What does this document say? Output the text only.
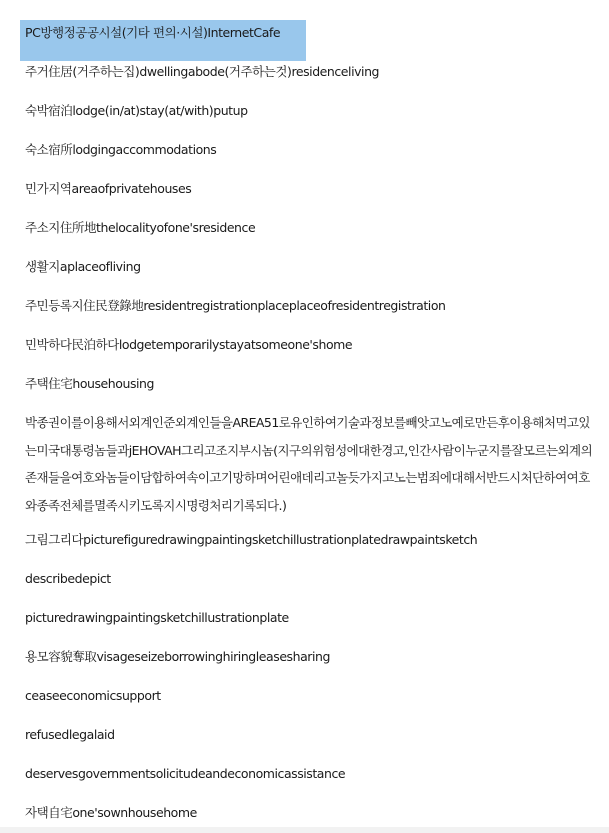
PC방행정공공시설(기타 편의·시설)InternetCafe
주거住居(거주하는집)dwellingabode(거주하는것)residenceliving
숙박宿泊lodge(in/at)stay(at/with)putup
숙소宿所lodgingaccommodations
민가지역areaofprivatehouses
주소지住所地thelocalityofone'sresidence
생활지aplaceofliving
주민등록지住民登錄地residentregistrationplaceplaceofresidentregistration
민박하다民泊하다lodgetemporarilystayatsomeone'shome
주택住宅househousing
박종권이를이용해서외계인준외계인들을AREA51로유인하여기술과정보를빼앗고노예로만든후이용해처먹고있는미국대통령놈들과jEHOVAH그리고조지부시놈(지구의위험성에대한경고,인간사람이누군지를잘모르는외계의존재들을여호와놈들이담합하여속이고기망하며어린애데리고놀듯가지고노는범죄에대해서반드시처단하여여호와종족전체를멸족시키도록지시명령처리기록되다.)
그림그리다picturefiguredrawingpaintingsketchillustrationplatedrawpaintsketch
describedepict
picturedrawingpaintingsketchillustrationplate
용모容貌奪取visageseizeborrowinghiringleasesharing
ceaseeconomicsupport
refusedlegalaid
deservesgovernmentsolicitudeandeconomicassistance
자택自宅one'sownhousehome
